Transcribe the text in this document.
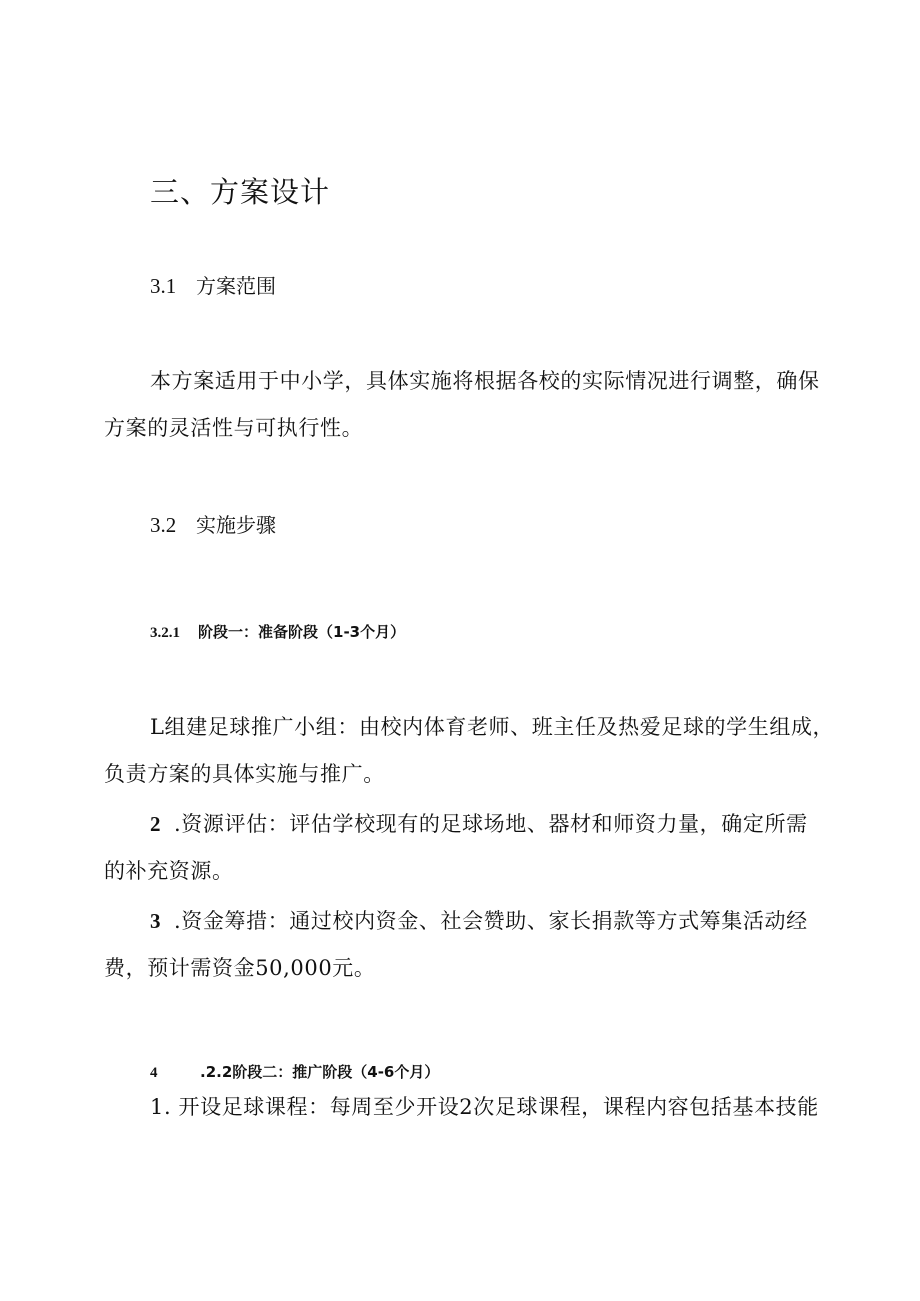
三、方案设计
3.1 方案范围
本方案适用于中小学，具体实施将根据各校的实际情况进行调整，确保
方案的灵活性与可执行性。
3.2 实施步骤
3.2.1 阶段一：准备阶段（1-3个月）
L组建足球推广小组：由校内体育老师、班主任及热爱足球的学生组成，
负责方案的具体实施与推广。
2 .资源评估：评估学校现有的足球场地、器材和师资力量，确定所需
的补充资源。
3 .资金筹措：通过校内资金、社会赞助、家长捐款等方式筹集活动经
费，预计需资金50,000元。
4	.2.2阶段二：推广阶段（4-6个月）
1. 开设足球课程：每周至少开设2次足球课程，课程内容包括基本技能
